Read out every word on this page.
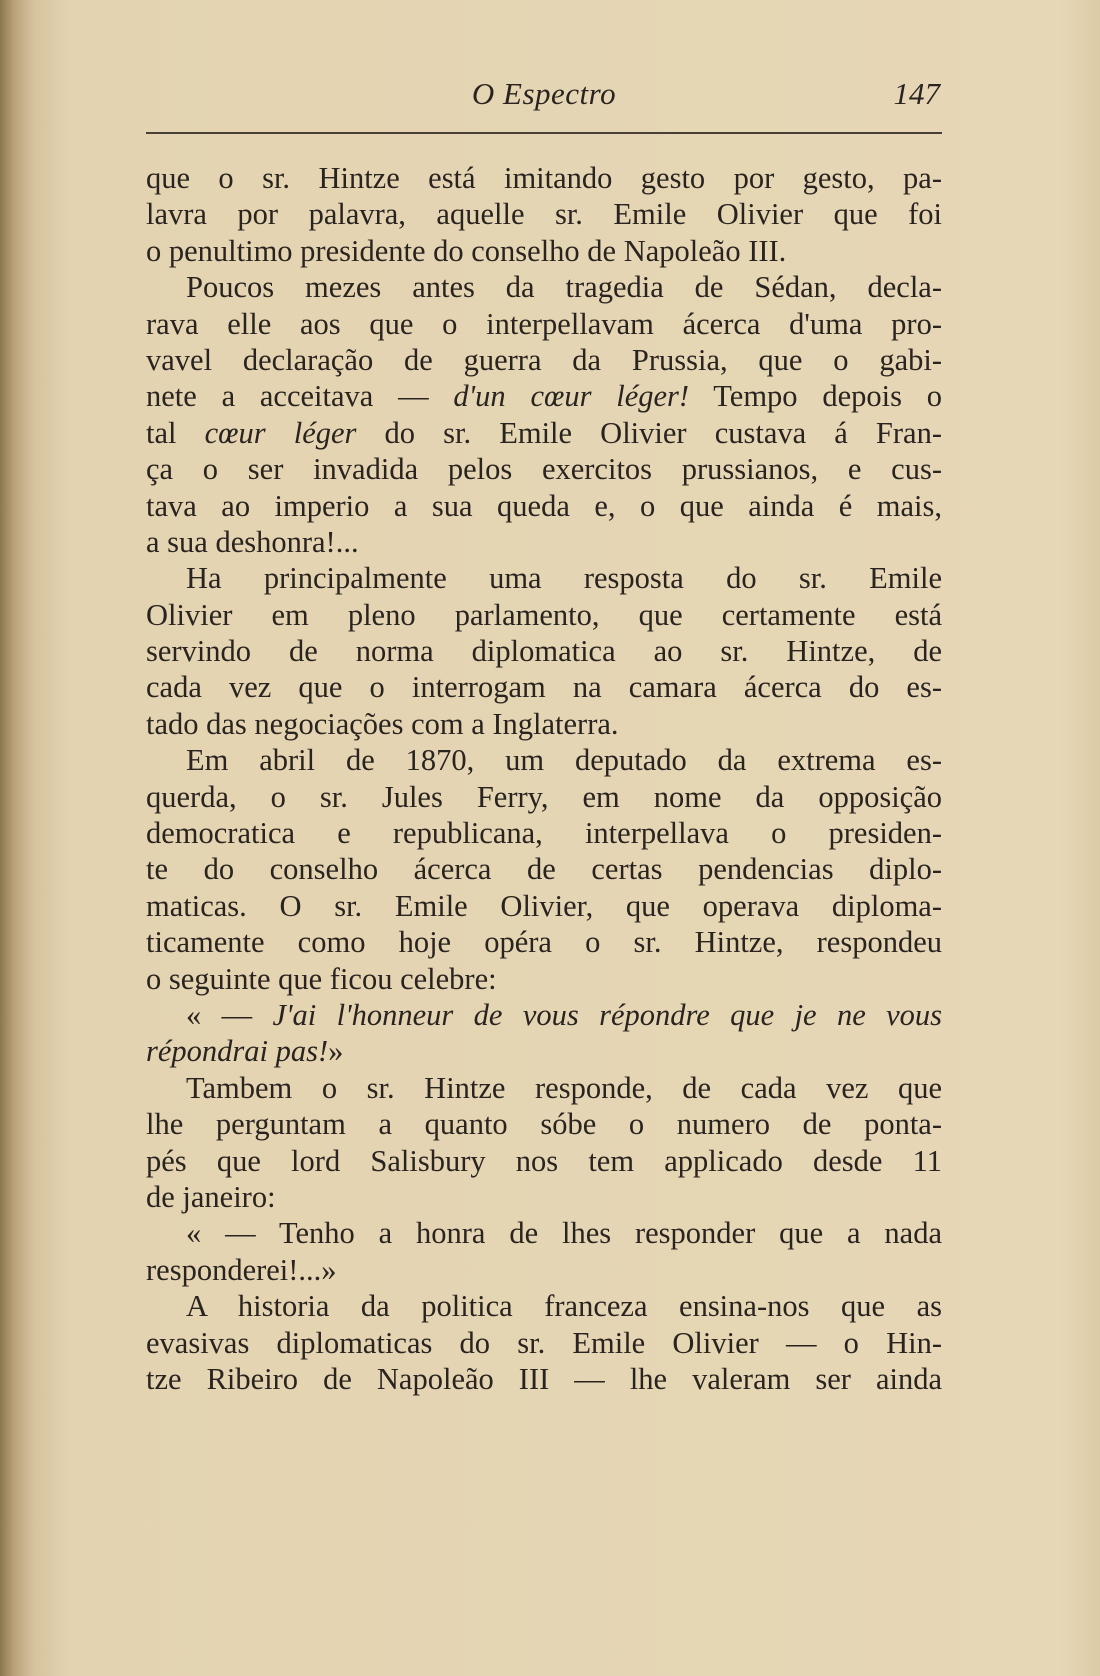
O Espectro	147
que o sr. Hintze está imitando gesto por gesto, pa-
lavra por palavra, aquelle sr. Emile Olivier que foi
o penultimo presidente do conselho de Napoleão III.
Poucos mezes antes da tragedia de Sédan, decla-
rava elle aos que o interpellavam ácerca d'uma pro-
vavel declaração de guerra da Prussia, que o gabi-
nete a acceitava — d'un cœur léger! Tempo depois o
tal cœur léger do sr. Emile Olivier custava á Fran-
ça o ser invadida pelos exercitos prussianos, e cus-
tava ao imperio a sua queda e, o que ainda é mais,
a sua deshonra!...
Ha principalmente uma resposta do sr. Emile
Olivier em pleno parlamento, que certamente está
servindo de norma diplomatica ao sr. Hintze, de
cada vez que o interrogam na camara ácerca do es-
tado das negociações com a Inglaterra.
Em abril de 1870, um deputado da extrema es-
querda, o sr. Jules Ferry, em nome da opposição
democratica e republicana, interpellava o presiden-
te do conselho ácerca de certas pendencias diplo-
maticas. O sr. Emile Olivier, que operava diploma-
ticamente como hoje opéra o sr. Hintze, respondeu
o seguinte que ficou celebre:
« — J'ai l'honneur de vous répondre que je ne vous
répondrai pas!»
Tambem o sr. Hintze responde, de cada vez que
lhe perguntam a quanto sóbe o numero de ponta-
pés que lord Salisbury nos tem applicado desde 11
de janeiro:
« — Tenho a honra de lhes responder que a nada
responderei!...»
A historia da politica franceza ensina-nos que as
evasivas diplomaticas do sr. Emile Olivier — o Hin-
tze Ribeiro de Napoleão III — lhe valeram ser ainda
